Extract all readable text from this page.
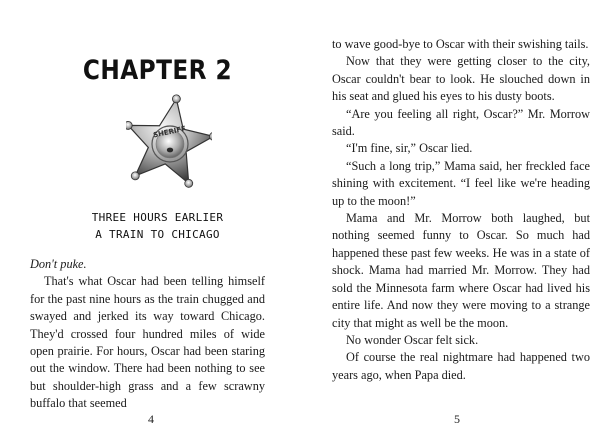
CHAPTER 2
SHERIFF
THREE HOURS EARLIER
A TRAIN TO CHICAGO

Don't puke.

That's what Oscar had been telling himself for the past nine hours as the train chugged and swayed and jerked its way toward Chicago. They'd crossed four hundred miles of wide open prairie. For hours, Oscar had been staring out the window. There had been nothing to see but shoulder-high grass and a few scrawny buffalo that seemed

4

to wave good-bye to Oscar with their swishing tails.

Now that they were getting closer to the city, Oscar couldn't bear to look. He slouched down in his seat and glued his eyes to his dusty boots.

“Are you feeling all right, Oscar?” Mr. Morrow said.

“I'm fine, sir,” Oscar lied.

“Such a long trip,” Mama said, her freckled face shining with excitement. “I feel like we're heading up to the moon!”

Mama and Mr. Morrow both laughed, but nothing seemed funny to Oscar. So much had happened these past few weeks. He was in a state of shock. Mama had married Mr. Morrow. They had sold the Minnesota farm where Oscar had lived his entire life. And now they were moving to a strange city that might as well be the moon.

No wonder Oscar felt sick.

Of course the real nightmare had happened two years ago, when Papa died.

5
